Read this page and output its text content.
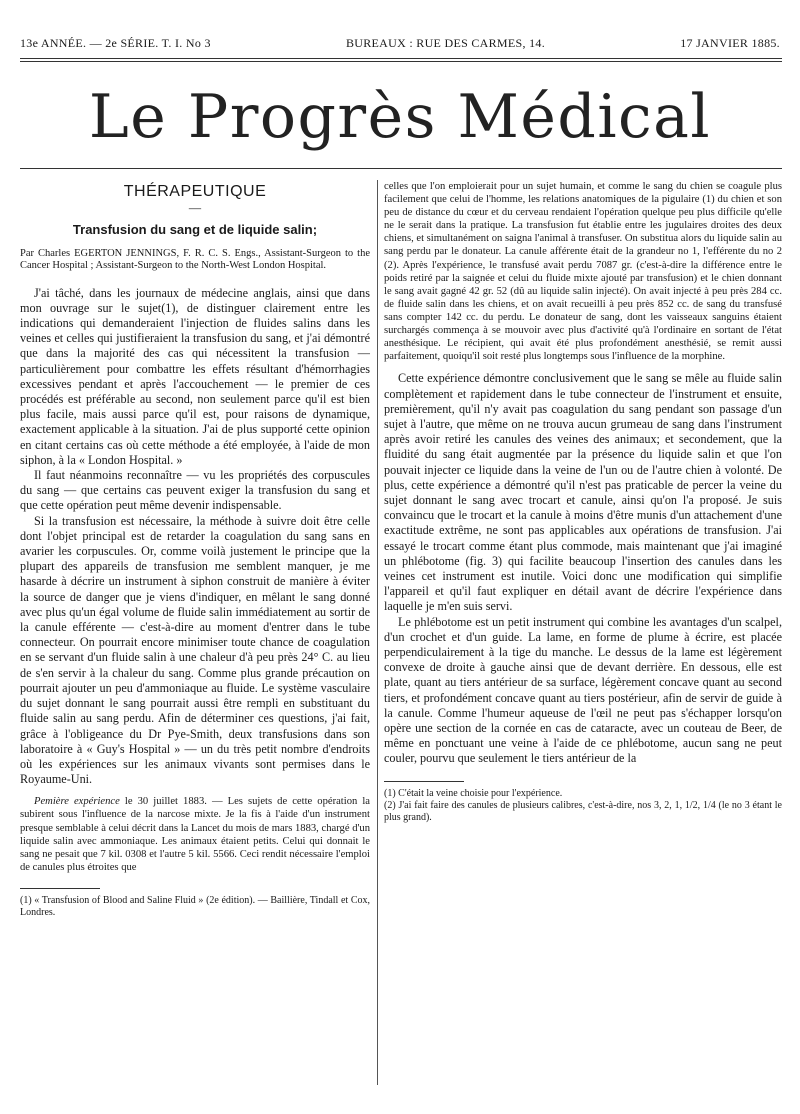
13e ANNÉE. — 2e SÉRIE. T. I. No 3	BUREAUX : RUE DES CARMES, 14.	17 JANVIER 1885.
Le Progrès Médical
THÉRAPEUTIQUE
—
Transfusion du sang et de liquide salin;

Par Charles EGERTON JENNINGS, F. R. C. S. Engs., Assistant-Surgeon to the Cancer Hospital ; Assistant-Surgeon to the North-West London Hospital.

J'ai tâché, dans les journaux de médecine anglais, ainsi que dans mon ouvrage sur le sujet(1), de distinguer clairement entre les indications qui demanderaient l'injection de fluides salins dans les veines et celles qui justifieraient la transfusion du sang, et j'ai démontré que dans la majorité des cas qui nécessitent la transfusion — particulièrement pour combattre les effets résultant d'hémorrhagies excessives pendant et après l'accouchement — le premier de ces procédés est préférable au second, non seulement parce qu'il est bien plus facile, mais aussi parce qu'il est, pour raisons de dynamique, exactement applicable à la situation. J'ai de plus supporté cette opinion en citant certains cas où cette méthode a été employée, à l'aide de mon siphon, à la « London Hospital. »

Il faut néanmoins reconnaître — vu les propriétés des corpuscules du sang — que certains cas peuvent exiger la transfusion du sang et que cette opération peut même devenir indispensable.

Si la transfusion est nécessaire, la méthode à suivre doit être celle dont l'objet principal est de retarder la coagulation du sang sans en avarier les corpuscules. Or, comme voilà justement le principe que la plupart des appareils de transfusion me semblent manquer, je me hasarde à décrire un instrument à siphon construit de manière à éviter la source de danger que je viens d'indiquer, en mêlant le sang donné avec plus qu'un égal volume de fluide salin immédiatement au sortir de la canule efférente — c'est-à-dire au moment d'entrer dans le tube connecteur. On pourrait encore minimiser toute chance de coagulation en se servant d'un fluide salin à une chaleur d'à peu près 24° C. au lieu de s'en servir à la chaleur du sang. Comme plus grande précaution on pourrait ajouter un peu d'ammoniaque au fluide. Le système vasculaire du sujet donnant le sang pourrait aussi être rempli en substituant du fluide salin au sang perdu. Afin de déterminer ces questions, j'ai fait, grâce à l'obligeance du Dr Pye-Smith, deux transfusions dans son laboratoire à « Guy's Hospital » — un du très petit nombre d'endroits où les expériences sur les animaux vivants sont permises dans le Royaume-Uni.

Pemière expérience le 30 juillet 1883. — Les sujets de cette opération la subirent sous l'influence de la narcose mixte. Je la fis à l'aide d'un instrument presque semblable à celui décrit dans la Lancet du mois de mars 1883, chargé d'un liquide salin avec ammoniaque. Les animaux étaient petits. Celui qui donnait le sang ne pesait que 7 kil. 0308 et l'autre 5 kil. 5566. Ceci rendit nécessaire l'emploi de canules plus étroites que

(1) « Transfusion of Blood and Saline Fluid » (2e édition). — Baillière, Tindall et Cox, Londres.

celles que l'on emploierait pour un sujet humain, et comme le sang du chien se coagule plus facilement que celui de l'homme, les relations anatomiques de la pigulaire (1) du chien et son peu de distance du cœur et du cerveau rendaient l'opération quelque peu plus difficile qu'elle ne le serait dans la pratique. La transfusion fut établie entre les jugulaires droites des deux chiens, et simultanément on saigna l'animal à transfuser. On substitua alors du liquide salin au sang perdu par le donateur. La canule afférente était de la grandeur no 1, l'efférente du no 2 (2). Après l'expérience, le transfusé avait perdu 7087 gr. (c'est-à-dire la différence entre le poids retiré par la saignée et celui du fluide mixte ajouté par transfusion) et le chien donnant le sang avait gagné 42 gr. 52 (dû au liquide salin injecté). On avait injecté à peu près 284 cc. de fluide salin dans les chiens, et on avait recueilli à peu près 852 cc. de sang du transfusé sans compter 142 cc. du perdu. Le donateur de sang, dont les vaisseaux sanguins étaient surchargés commença à se mouvoir avec plus d'activité qu'à l'ordinaire en sortant de l'état anesthésique. Le récipient, qui avait été plus profondément anesthésié, se remit aussi parfaitement, quoiqu'il soit resté plus longtemps sous l'influence de la morphine.

Cette expérience démontre conclusivement que le sang se mêle au fluide salin complètement et rapidement dans le tube connecteur de l'instrument et ensuite, premièrement, qu'il n'y avait pas coagulation du sang pendant son passage d'un sujet à l'autre, que même on ne trouva aucun grumeau de sang dans l'instrument après avoir retiré les canules des veines des animaux; et secondement, que la fluidité du sang était augmentée par la présence du liquide salin et que l'on pouvait injecter ce liquide dans la veine de l'un ou de l'autre chien à volonté. De plus, cette expérience a démontré qu'il n'est pas praticable de percer la veine du sujet donnant le sang avec trocart et canule, ainsi qu'on l'a proposé. Je suis convaincu que le trocart et la canule à moins d'être munis d'un attachement d'une exactitude extrême, ne sont pas applicables aux opérations de transfusion. J'ai essayé le trocart comme étant plus commode, mais maintenant que j'ai imaginé un phlébotome (fig. 3) qui facilite beaucoup l'insertion des canules dans les veines cet instrument est inutile. Voici donc une modification qui simplifie l'appareil et qu'il faut expliquer en détail avant de décrire l'expérience dans laquelle je m'en suis servi.

Le phlébotome est un petit instrument qui combine les avantages d'un scalpel, d'un crochet et d'un guide. La lame, en forme de plume à écrire, est placée perpendiculairement à la tige du manche. Le dessus de la lame est légèrement convexe de droite à gauche ainsi que de devant derrière. En dessous, elle est plate, quant au tiers antérieur de sa surface, légèrement concave quant au second tiers, et profondément concave quant au tiers postérieur, afin de servir de guide à la canule. Comme l'humeur aqueuse de l'œil ne peut pas s'échapper lorsqu'on opère une section de la cornée en cas de cataracte, avec un couteau de Beer, de même en ponctuant une veine à l'aide de ce phlébotome, aucun sang ne peut couler, pourvu que seulement le tiers antérieur de la

(1) C'était la veine choisie pour l'expérience.

(2) J'ai fait faire des canules de plusieurs calibres, c'est-à-dire, nos 3, 2, 1, 1/2, 1/4 (le no 3 étant le plus grand).
